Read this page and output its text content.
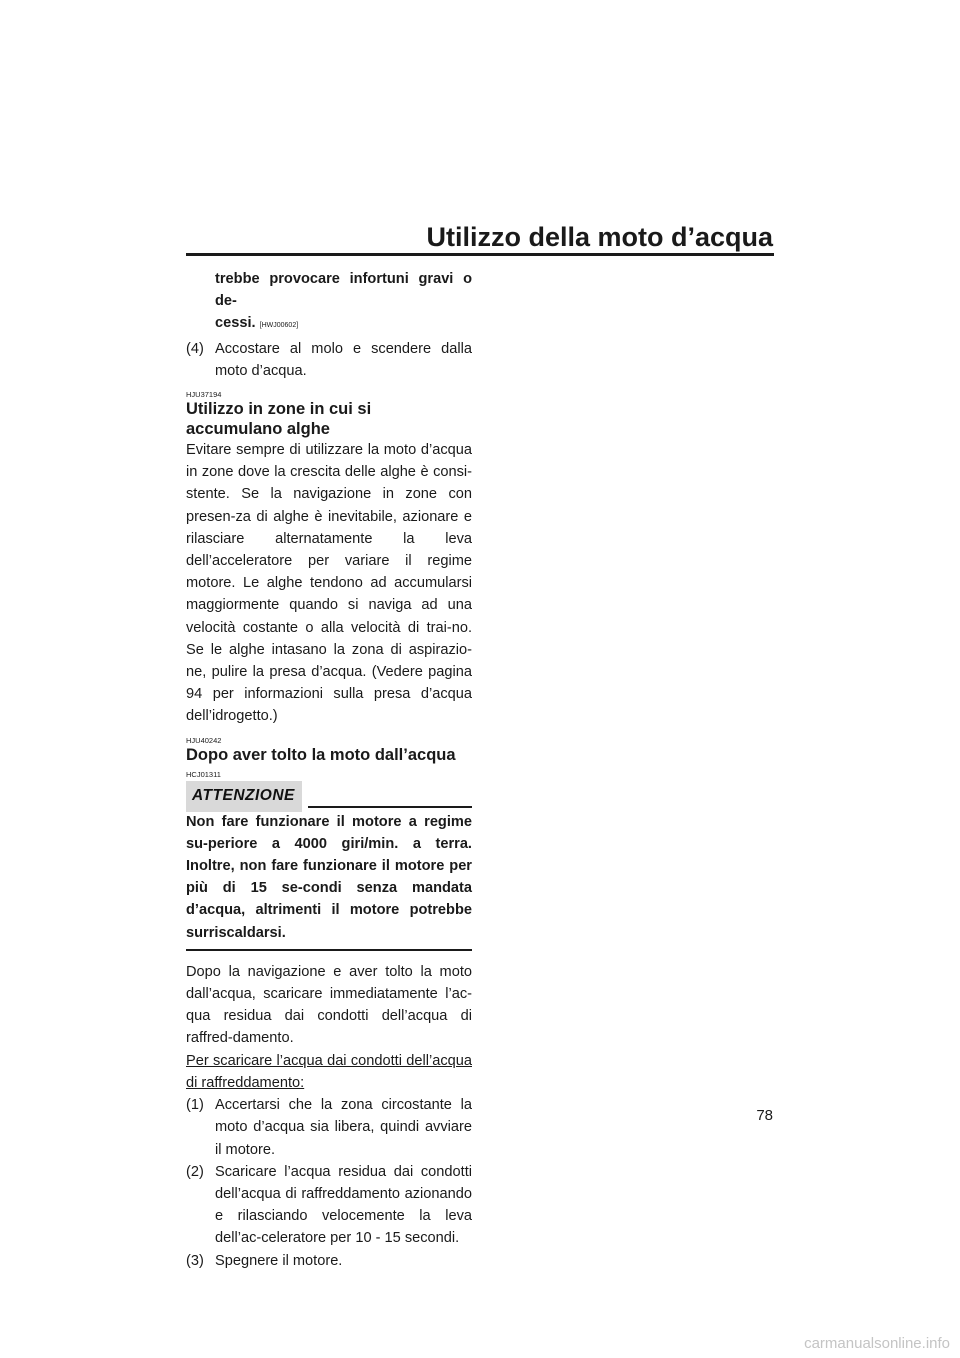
Utilizzo della moto d’acqua
trebbe provocare infortuni gravi o de-
cessi. [HWJ00602]
(4) Accostare al molo e scendere dalla moto d’acqua.
HJU37194
Utilizzo in zone in cui si accumulano alghe

Evitare sempre di utilizzare la moto d’acqua in zone dove la crescita delle alghe è consi-stente. Se la navigazione in zone con presen-za di alghe è inevitabile, azionare e rilasciare alternatamente la leva dell’acceleratore per variare il regime motore. Le alghe tendono ad accumularsi maggiormente quando si naviga ad una velocità costante o alla velocità di trai-no. Se le alghe intasano la zona di aspirazio-ne, pulire la presa d’acqua. (Vedere pagina 94 per informazioni sulla presa d’acqua dell’idrogetto.)

HJU40242
Dopo aver tolto la moto dall’acqua
HCJ01311
ATTENZIONE

Non fare funzionare il motore a regime su-periore a 4000 giri/min. a terra. Inoltre, non fare funzionare il motore per più di 15 se-condi senza mandata d’acqua, altrimenti il motore potrebbe surriscaldarsi.

Dopo la navigazione e aver tolto la moto dall’acqua, scaricare immediatamente l’ac-qua residua dai condotti dell’acqua di raffred-damento.

Per scaricare l’acqua dai condotti dell’acqua di raffreddamento:

(1) Accertarsi che la zona circostante la moto d’acqua sia libera, quindi avviare il motore.
(2) Scaricare l’acqua residua dai condotti dell’acqua di raffreddamento azionando e rilasciando velocemente la leva dell’ac-celeratore per 10 - 15 secondi.
(3) Spegnere il motore.
78
carmanualsonline.info
